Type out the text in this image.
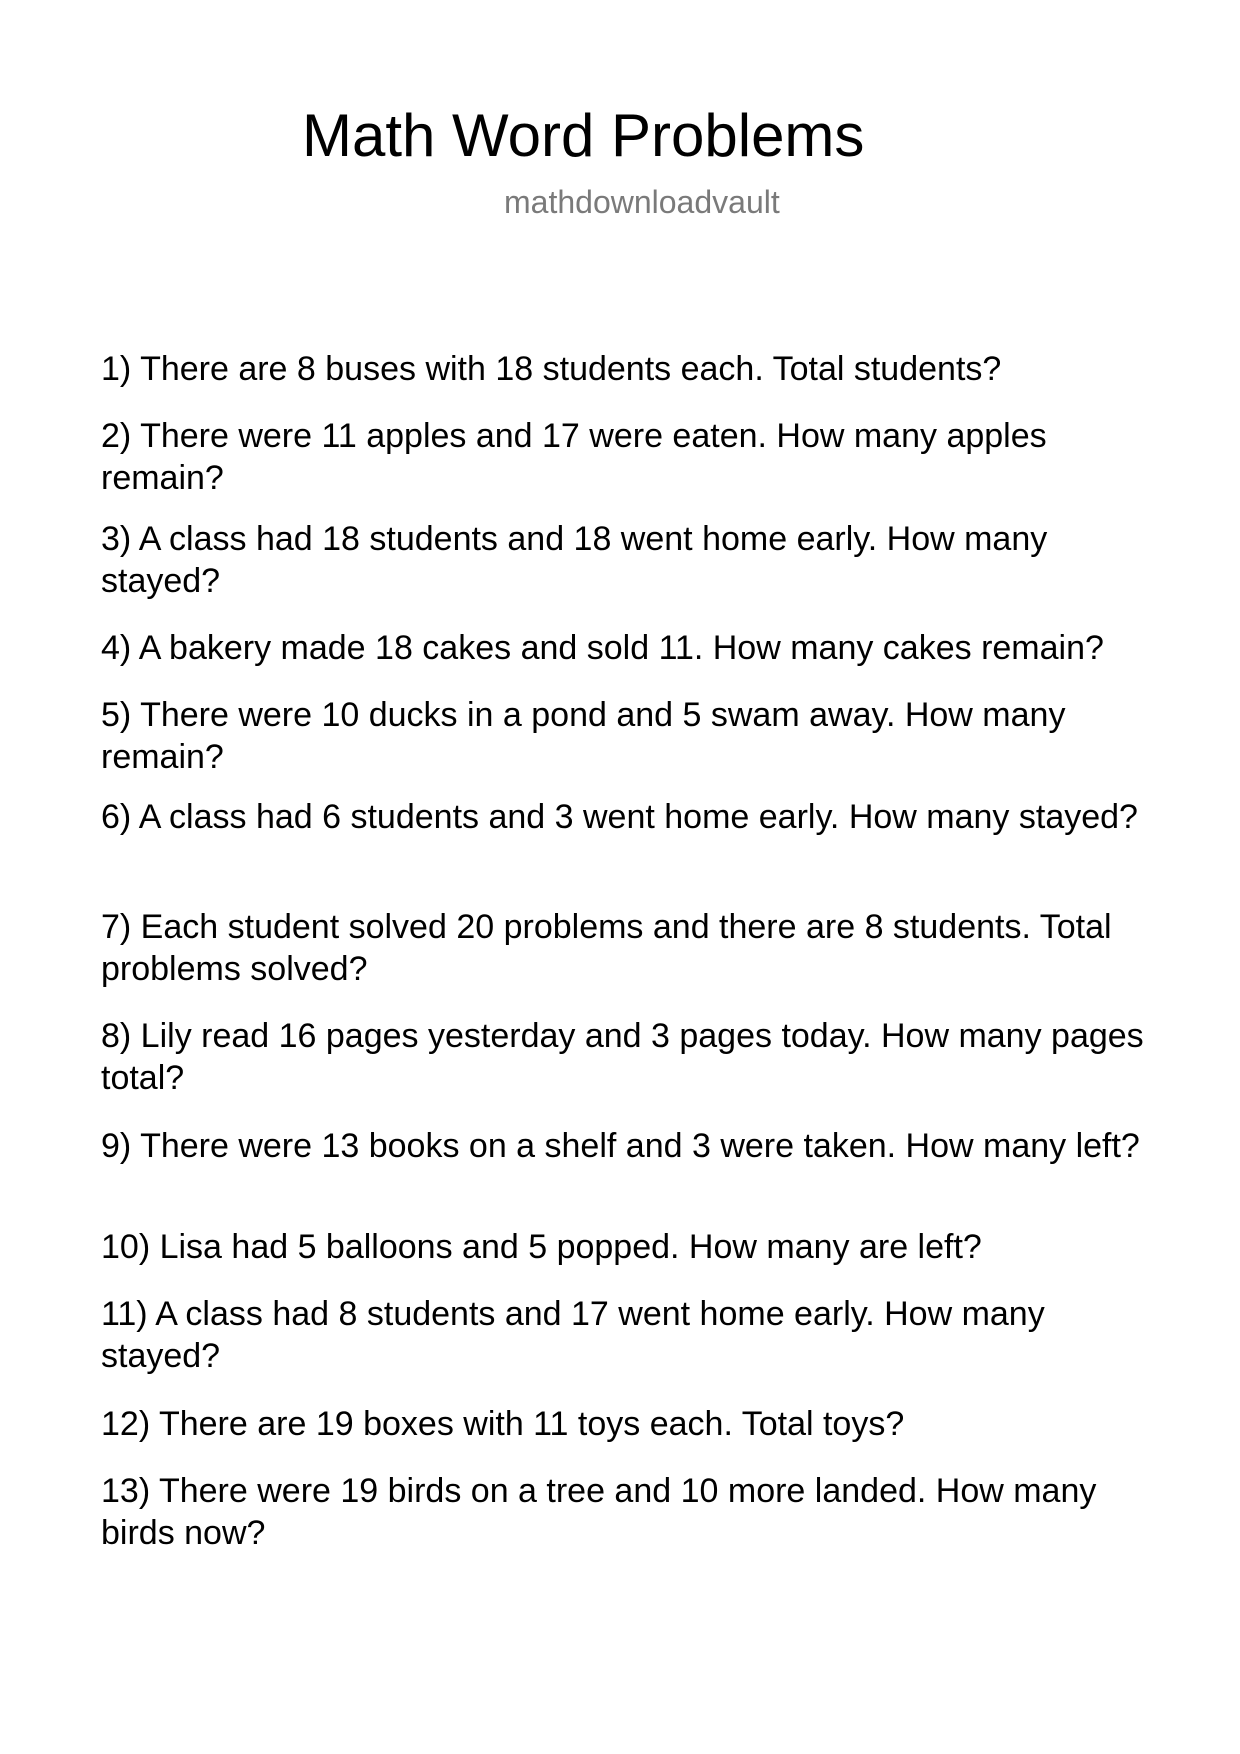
Math Word Problems
mathdownloadvault

1) There are 8 buses with 18 students each. Total students?

2) There were 11 apples and 17 were eaten. How many apples remain?

3) A class had 18 students and 18 went home early. How many stayed?

4) A bakery made 18 cakes and sold 11. How many cakes remain?

5) There were 10 ducks in a pond and 5 swam away. How many remain?

6) A class had 6 students and 3 went home early. How many stayed?

7) Each student solved 20 problems and there are 8 students. Total problems solved?

8) Lily read 16 pages yesterday and 3 pages today. How many pages total?

9) There were 13 books on a shelf and 3 were taken. How many left?

10) Lisa had 5 balloons and 5 popped. How many are left?

11) A class had 8 students and 17 went home early. How many stayed?

12) There are 19 boxes with 11 toys each. Total toys?

13) There were 19 birds on a tree and 10 more landed. How many birds now?
